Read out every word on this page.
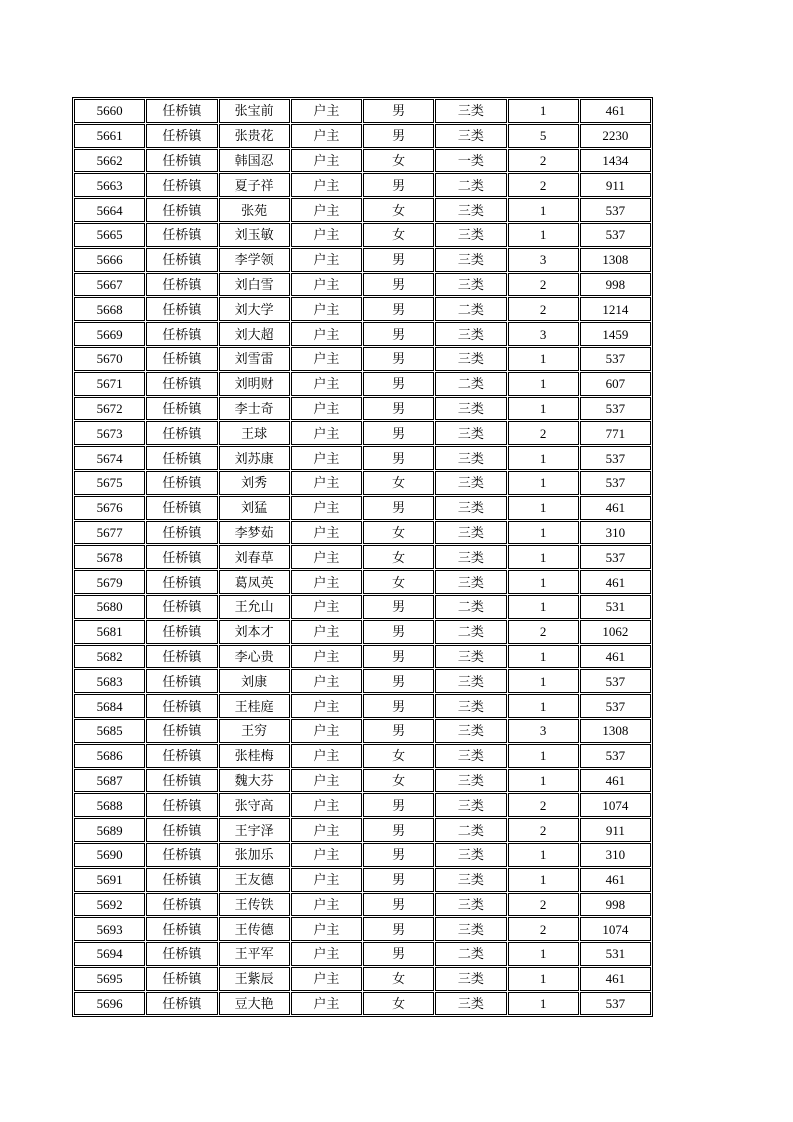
5660	任桥镇	张宝前	户主	男	三类	1	461
5661	任桥镇	张贵花	户主	男	三类	5	2230
5662	任桥镇	韩国忍	户主	女	一类	2	1434
5663	任桥镇	夏子祥	户主	男	二类	2	911
5664	任桥镇	张苑	户主	女	三类	1	537
5665	任桥镇	刘玉敏	户主	女	三类	1	537
5666	任桥镇	李学领	户主	男	三类	3	1308
5667	任桥镇	刘白雪	户主	男	三类	2	998
5668	任桥镇	刘大学	户主	男	二类	2	1214
5669	任桥镇	刘大超	户主	男	三类	3	1459
5670	任桥镇	刘雪雷	户主	男	三类	1	537
5671	任桥镇	刘明财	户主	男	二类	1	607
5672	任桥镇	李士奇	户主	男	三类	1	537
5673	任桥镇	王球	户主	男	三类	2	771
5674	任桥镇	刘苏康	户主	男	三类	1	537
5675	任桥镇	刘秀	户主	女	三类	1	537
5676	任桥镇	刘猛	户主	男	三类	1	461
5677	任桥镇	李梦茹	户主	女	三类	1	310
5678	任桥镇	刘春草	户主	女	三类	1	537
5679	任桥镇	葛凤英	户主	女	三类	1	461
5680	任桥镇	王允山	户主	男	二类	1	531
5681	任桥镇	刘本才	户主	男	二类	2	1062
5682	任桥镇	李心贵	户主	男	三类	1	461
5683	任桥镇	刘康	户主	男	三类	1	537
5684	任桥镇	王桂庭	户主	男	三类	1	537
5685	任桥镇	王穷	户主	男	三类	3	1308
5686	任桥镇	张桂梅	户主	女	三类	1	537
5687	任桥镇	魏大芬	户主	女	三类	1	461
5688	任桥镇	张守高	户主	男	三类	2	1074
5689	任桥镇	王宇泽	户主	男	二类	2	911
5690	任桥镇	张加乐	户主	男	三类	1	310
5691	任桥镇	王友德	户主	男	三类	1	461
5692	任桥镇	王传铁	户主	男	三类	2	998
5693	任桥镇	王传德	户主	男	三类	2	1074
5694	任桥镇	王平军	户主	男	二类	1	531
5695	任桥镇	王紫辰	户主	女	三类	1	461
5696	任桥镇	豆大艳	户主	女	三类	1	537
